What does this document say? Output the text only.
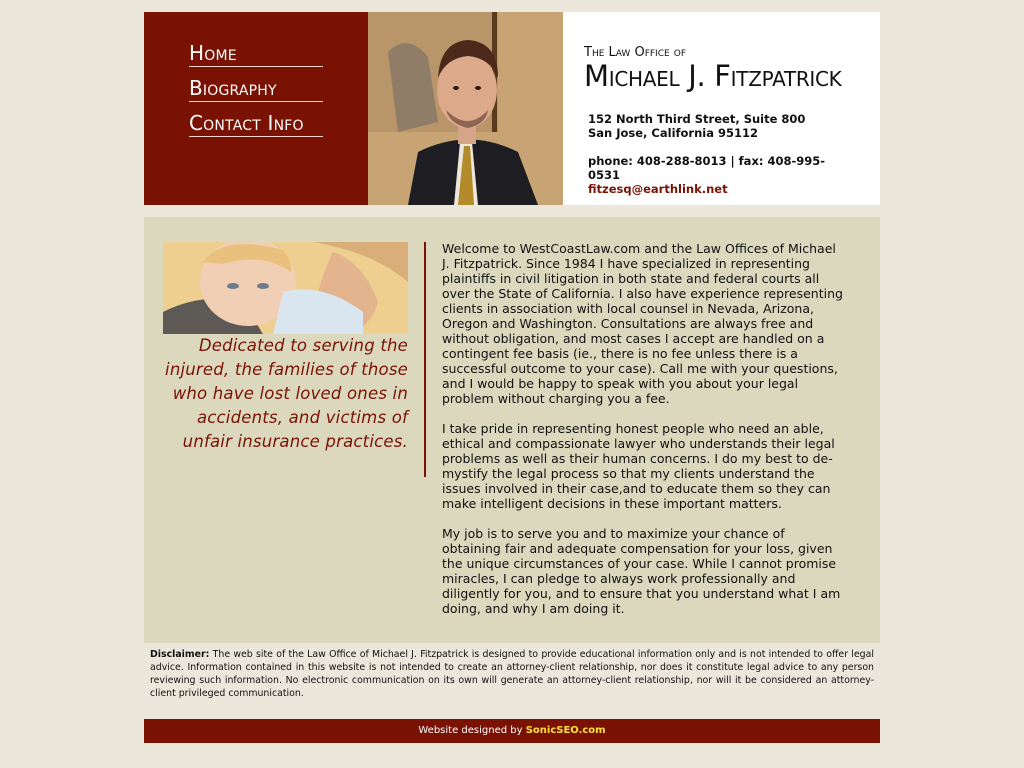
Home
Biography
Contact Info
The Law Office of
Michael J. Fitzpatrick
152 North Third Street, Suite 800
San Jose, California 95112
phone: 408-288-8013 | fax: 408-995-0531
fitzesq@earthlink.net
Dedicated to serving the injured, the families of those who have lost loved ones in accidents, and victims of unfair insurance practices.

Welcome to WestCoastLaw.com and the Law Offices of Michael J. Fitzpatrick. Since 1984 I have specialized in representing plaintiffs in civil litigation in both state and federal courts all over the State of California. I also have experience representing clients in association with local counsel in Nevada, Arizona, Oregon and Washington. Consultations are always free and without obligation, and most cases I accept are handled on a contingent fee basis (ie., there is no fee unless there is a successful outcome to your case). Call me with your questions, and I would be happy to speak with you about your legal problem without charging you a fee.

I take pride in representing honest people who need an able, ethical and compassionate lawyer who understands their legal problems as well as their human concerns. I do my best to de-mystify the legal process so that my clients understand the issues involved in their case,and to educate them so they can make intelligent decisions in these important matters.

My job is to serve you and to maximize your chance of obtaining fair and adequate compensation for your loss, given the unique circumstances of your case. While I cannot promise miracles, I can pledge to always work professionally and diligently for you, and to ensure that you understand what I am doing, and why I am doing it.

Disclaimer: The web site of the Law Office of Michael J. Fitzpatrick is designed to provide educational information only and is not intended to offer legal advice. Information contained in this website is not intended to create an attorney-client relationship, nor does it constitute legal advice to any person reviewing such information. No electronic communication on its own will generate an attorney-client relationship, nor will it be considered an attorney-client privileged communication.
Website designed by SonicSEO.com
